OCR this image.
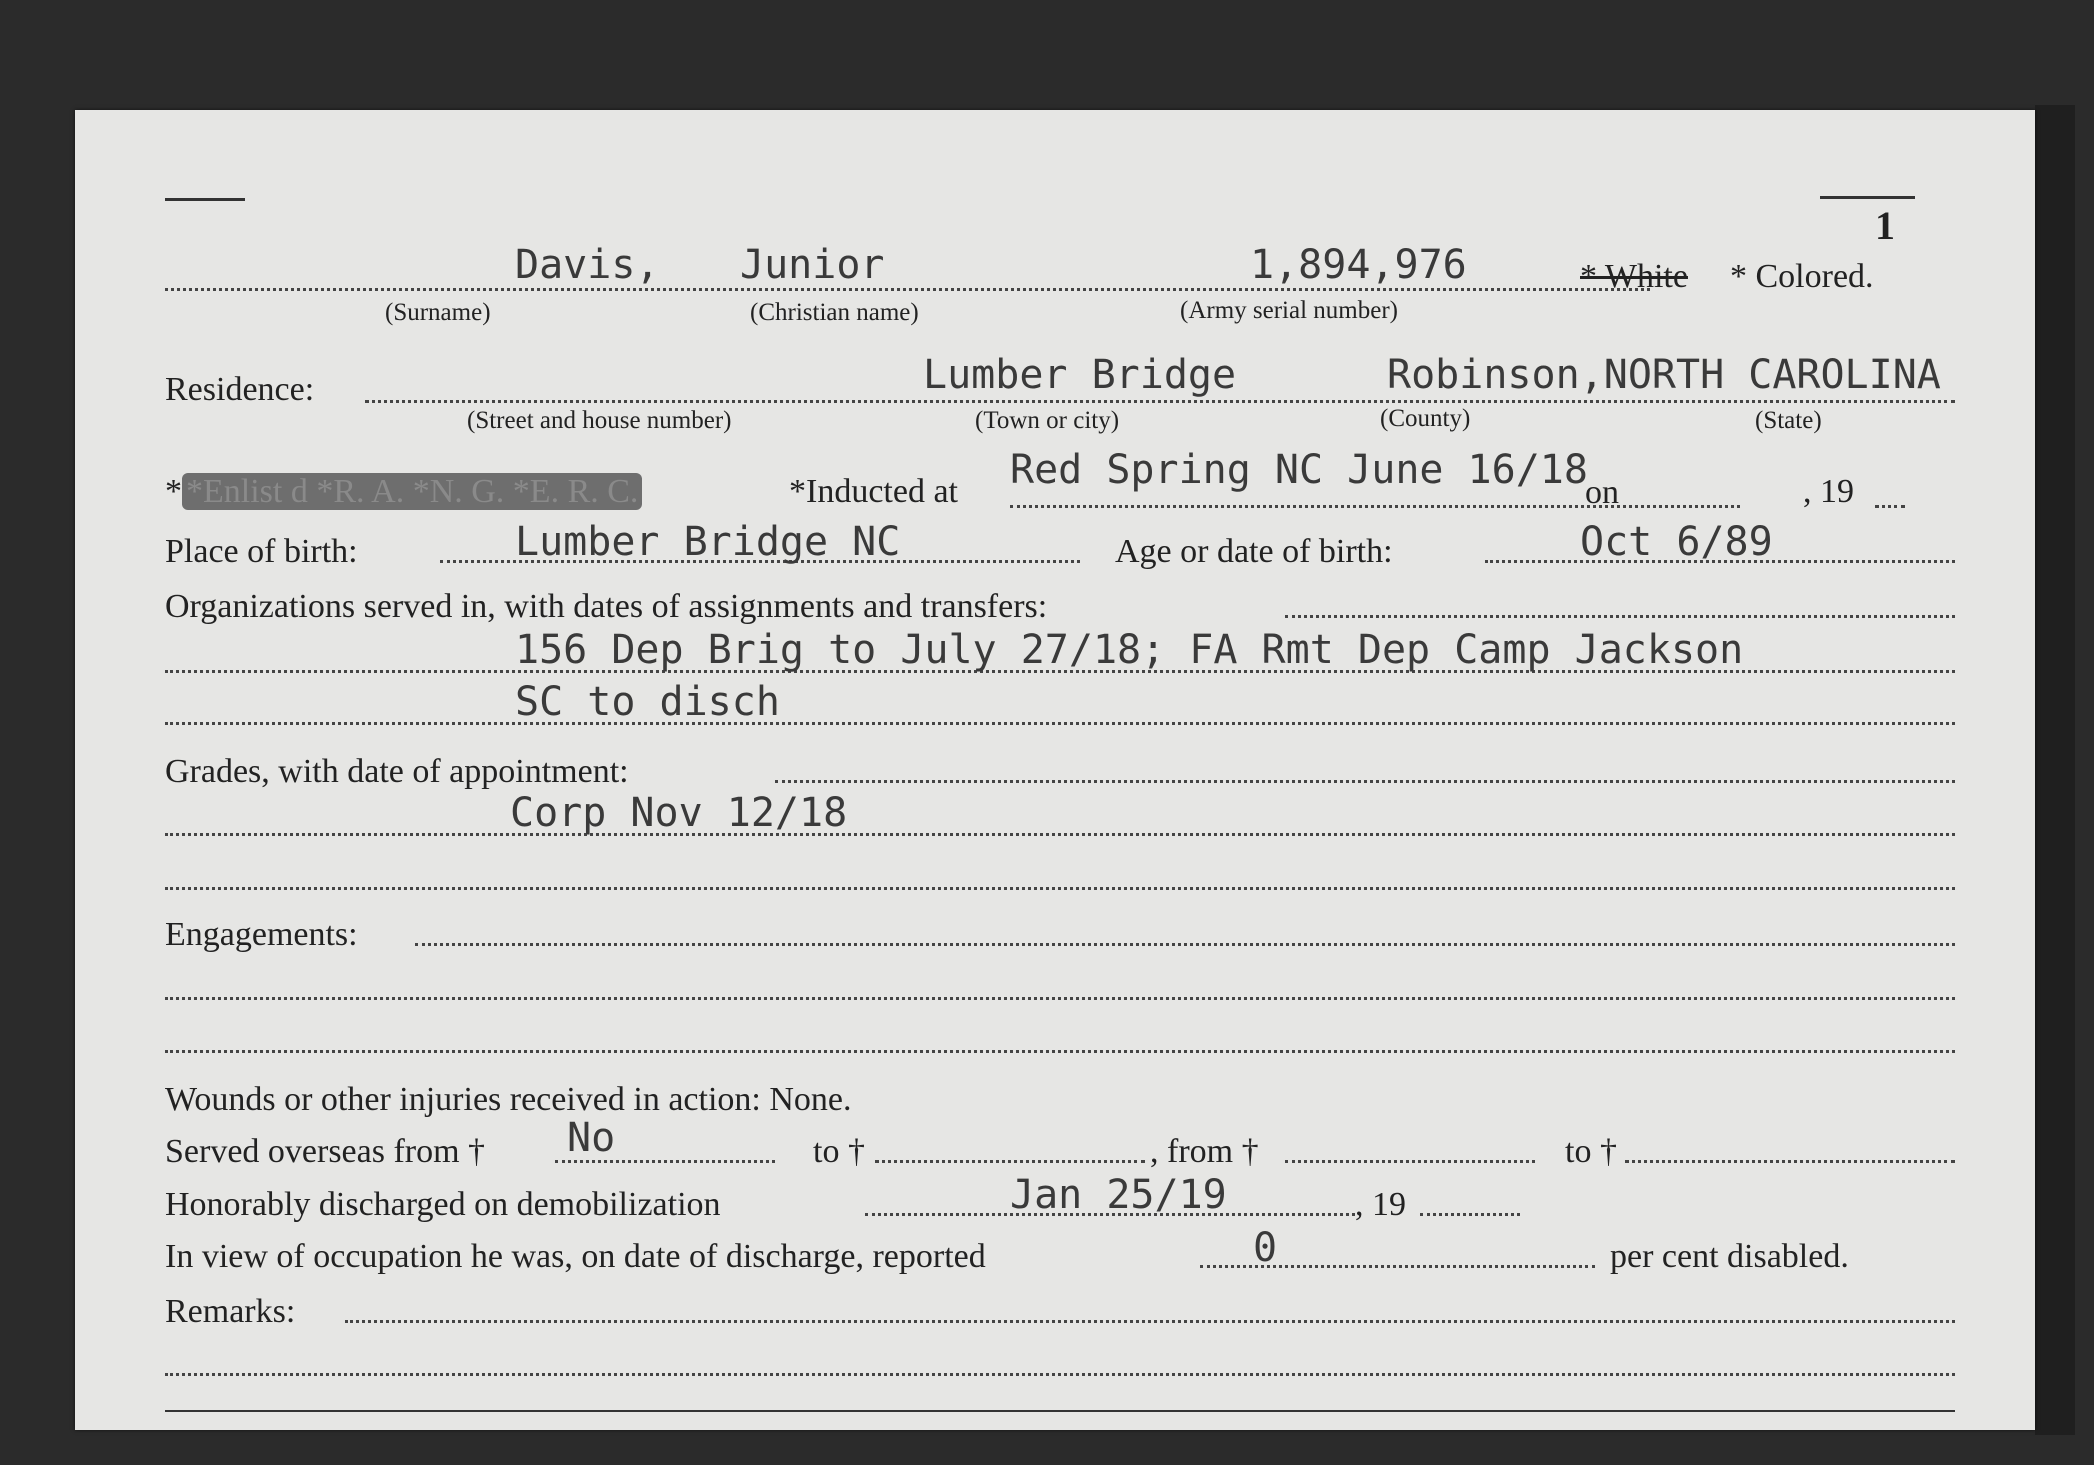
1
Davis, Junior	1,894,976	* White * Colored.
(Surname)	(Christian name)	(Army serial number)
Residence:	Lumber Bridge	Robinson,NORTH CAROLINA
(Street and house number)	(Town or city)	(County)	(State)
* *Enlist d *R. A. *N. G. *E. R. C.	*Inducted at Red Spring NC June 16/18
on	, 19
Place of birth:	Lumber Bridge NC	Age or date of birth:	Oct 6/89
Organizations served in, with dates of assignments and transfers:
156 Dep Brig to July 27/18; FA Rmt Dep Camp Jackson
SC to disch
Grades, with date of appointment:
Corp Nov 12/18
Engagements:
Wounds or other injuries received in action: None.
Served overseas from † No	to †	, from †	to †
Honorably discharged on demobilization	Jan 25/19	, 19
In view of occupation he was, on date of discharge, reported	0	per cent disabled.
Remarks:
